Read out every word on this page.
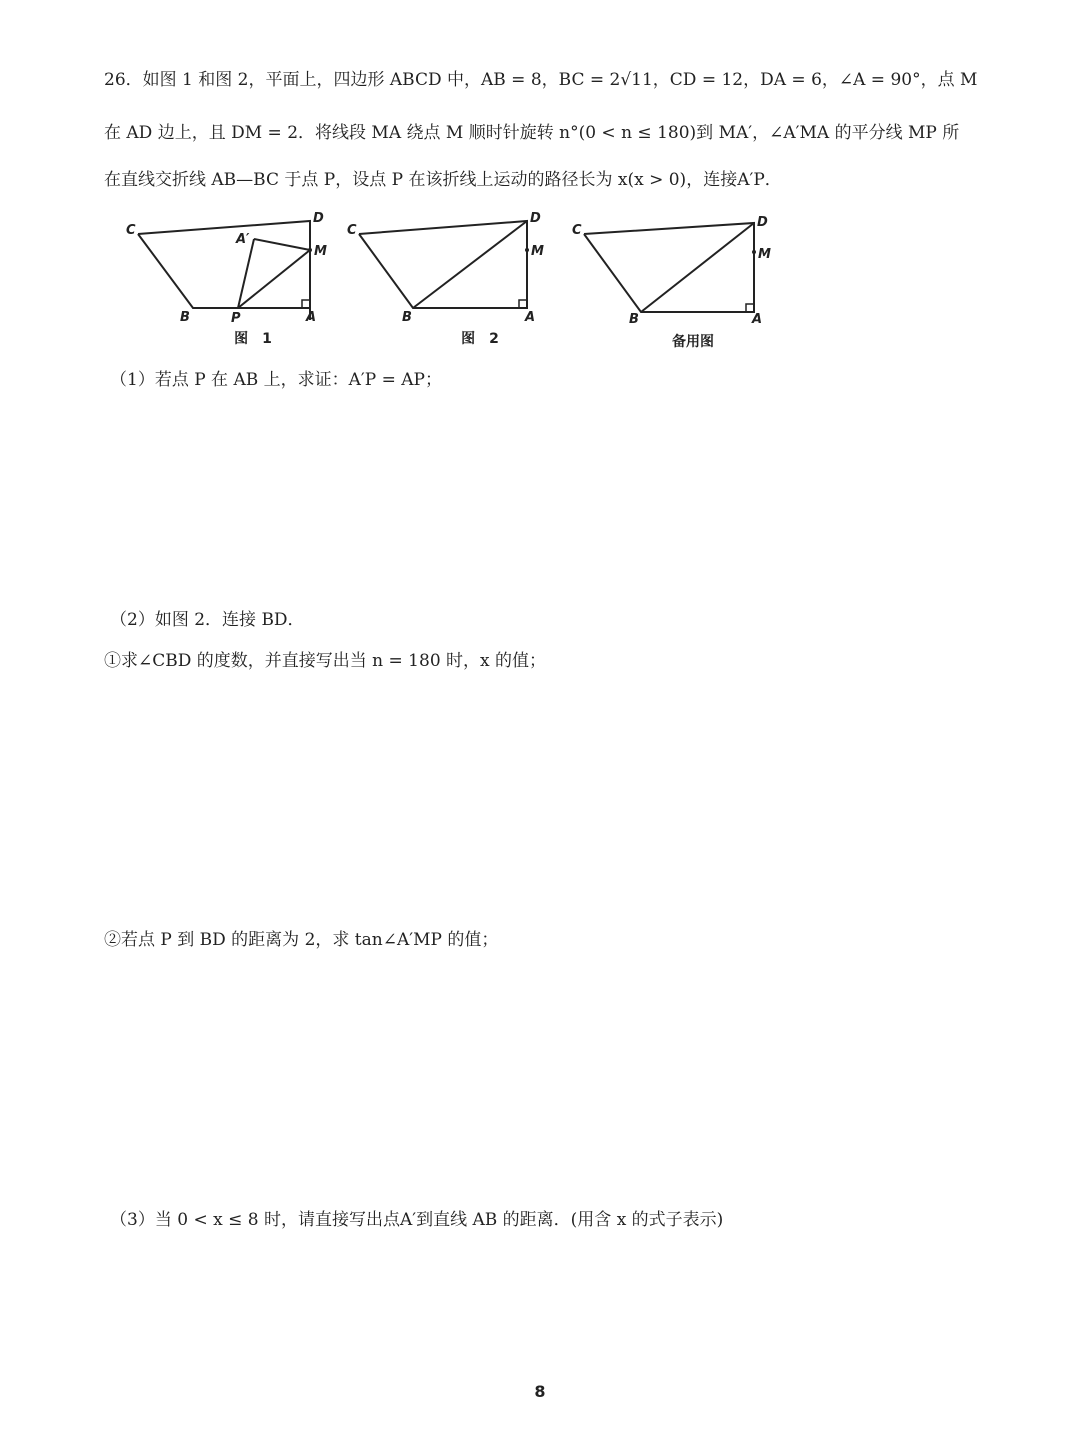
26．如图 1 和图 2，平面上，四边形 ABCD 中，AB = 8，BC = 2√11，CD = 12，DA = 6，∠A = 90°，点 M
在 AD 边上，且 DM = 2．将线段 MA 绕点 M 顺时针旋转 n°(0 < n ≤ 180)到 MA′，∠A′MA 的平分线 MP 所
在直线交折线 AB—BC 于点 P，设点 P 在该折线上运动的路径长为 x(x > 0)，连接A′P．
C
D
M
A′
B	P	A
图　1
C
D
M
B	A
图　2
C
D
M
B	A
备用图
（1）若点 P 在 AB 上，求证：A′P = AP；
（2）如图 2．连接 BD．
①求∠CBD 的度数，并直接写出当 n = 180 时，x 的值；
②若点 P 到 BD 的距离为 2，求 tan∠A′MP 的值；
（3）当 0 < x ≤ 8 时，请直接写出点A′到直线 AB 的距离．(用含 x 的式子表示)
8
